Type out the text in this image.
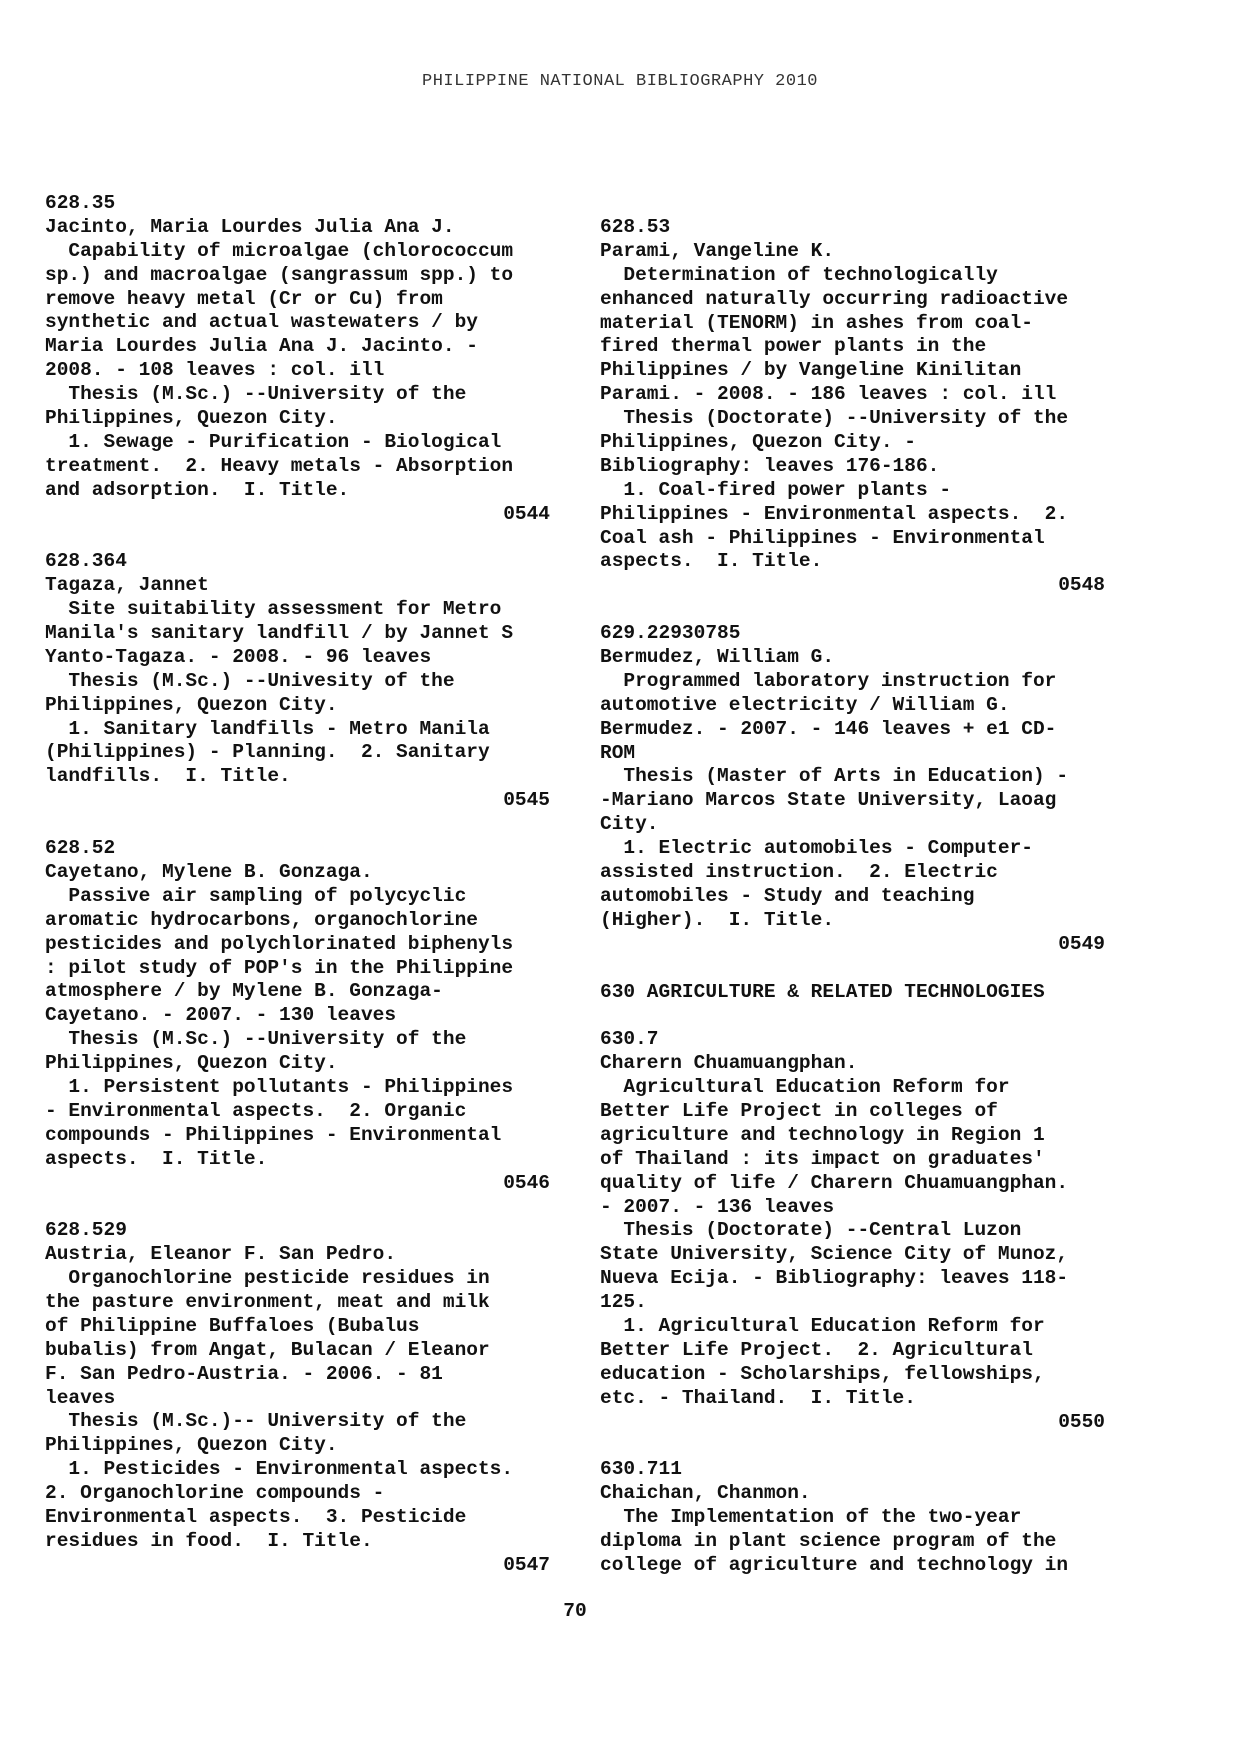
PHILIPPINE NATIONAL BIBLIOGRAPHY 2010
628.35
Jacinto, Maria Lourdes Julia Ana J.
Capability of microalgae (chlorococcum
sp.) and macroalgae (sangrassum spp.) to
remove heavy metal (Cr or Cu) from
synthetic and actual wastewaters / by
Maria Lourdes Julia Ana J. Jacinto. -
2008. - 108 leaves : col. ill
Thesis (M.Sc.) --University of the
Philippines, Quezon City.
1. Sewage - Purification - Biological
treatment.  2. Heavy metals - Absorption
and adsorption.  I. Title.
0544
628.364
Tagaza, Jannet
Site suitability assessment for Metro
Manila's sanitary landfill / by Jannet S
Yanto-Tagaza. - 2008. - 96 leaves
Thesis (M.Sc.) --Univesity of the
Philippines, Quezon City.
1. Sanitary landfills - Metro Manila
(Philippines) - Planning.  2. Sanitary
landfills.  I. Title.
0545
628.52
Cayetano, Mylene B. Gonzaga.
Passive air sampling of polycyclic
aromatic hydrocarbons, organochlorine
pesticides and polychlorinated biphenyls
: pilot study of POP's in the Philippine
atmosphere / by Mylene B. Gonzaga-
Cayetano. - 2007. - 130 leaves
Thesis (M.Sc.) --University of the
Philippines, Quezon City.
1. Persistent pollutants - Philippines
- Environmental aspects.  2. Organic
compounds - Philippines - Environmental
aspects.  I. Title.
0546
628.529
Austria, Eleanor F. San Pedro.
Organochlorine pesticide residues in
the pasture environment, meat and milk
of Philippine Buffaloes (Bubalus
bubalis) from Angat, Bulacan / Eleanor
F. San Pedro-Austria. - 2006. - 81
leaves
Thesis (M.Sc.)-- University of the
Philippines, Quezon City.
1. Pesticides - Environmental aspects.
2. Organochlorine compounds -
Environmental aspects.  3. Pesticide
residues in food.  I. Title.
0547
628.53
Parami, Vangeline K.
Determination of technologically
enhanced naturally occurring radioactive
material (TENORM) in ashes from coal-
fired thermal power plants in the
Philippines / by Vangeline Kinilitan
Parami. - 2008. - 186 leaves : col. ill
Thesis (Doctorate) --University of the
Philippines, Quezon City. -
Bibliography: leaves 176-186.
1. Coal-fired power plants -
Philippines - Environmental aspects.  2.
Coal ash - Philippines - Environmental
aspects.  I. Title.
0548
629.22930785
Bermudez, William G.
Programmed laboratory instruction for
automotive electricity / William G.
Bermudez. - 2007. - 146 leaves + e1 CD-
ROM
Thesis (Master of Arts in Education) -
-Mariano Marcos State University, Laoag
City.
1. Electric automobiles - Computer-
assisted instruction.  2. Electric
automobiles - Study and teaching
(Higher).  I. Title.
0549
630 AGRICULTURE & RELATED TECHNOLOGIES
630.7
Charern Chuamuangphan.
Agricultural Education Reform for
Better Life Project in colleges of
agriculture and technology in Region 1
of Thailand : its impact on graduates'
quality of life / Charern Chuamuangphan.
- 2007. - 136 leaves
Thesis (Doctorate) --Central Luzon
State University, Science City of Munoz,
Nueva Ecija. - Bibliography: leaves 118-
125.
1. Agricultural Education Reform for
Better Life Project.  2. Agricultural
education - Scholarships, fellowships,
etc. - Thailand.  I. Title.
0550
630.711
Chaichan, Chanmon.
The Implementation of the two-year
diploma in plant science program of the
college of agriculture and technology in
70
